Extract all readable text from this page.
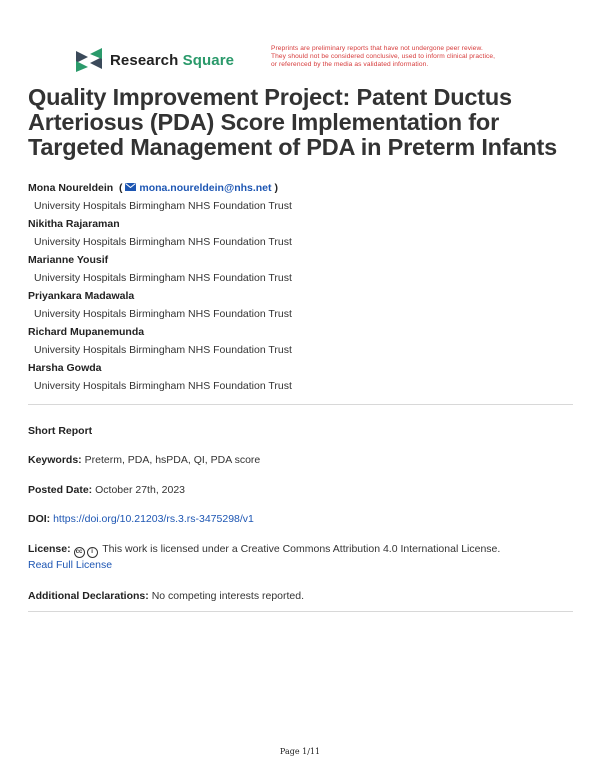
Research Square
Preprints are preliminary reports that have not undergone peer review.
They should not be considered conclusive, used to inform clinical practice,
or referenced by the media as validated information.
Quality Improvement Project: Patent Ductus Arteriosus (PDA) Score Implementation for Targeted Management of PDA in Preterm Infants
Mona Noureldein ( mona.noureldein@nhs.net )
University Hospitals Birmingham NHS Foundation Trust
Nikitha Rajaraman
University Hospitals Birmingham NHS Foundation Trust
Marianne Yousif
University Hospitals Birmingham NHS Foundation Trust
Priyankara Madawala
University Hospitals Birmingham NHS Foundation Trust
Richard Mupanemunda
University Hospitals Birmingham NHS Foundation Trust
Harsha Gowda
University Hospitals Birmingham NHS Foundation Trust
Short Report
Keywords: Preterm, PDA, hsPDA, QI, PDA score
Posted Date: October 27th, 2023
DOI: https://doi.org/10.21203/rs.3.rs-3475298/v1
License: cc i This work is licensed under a Creative Commons Attribution 4.0 International License.
Read Full License
Additional Declarations: No competing interests reported.
Page 1/11
